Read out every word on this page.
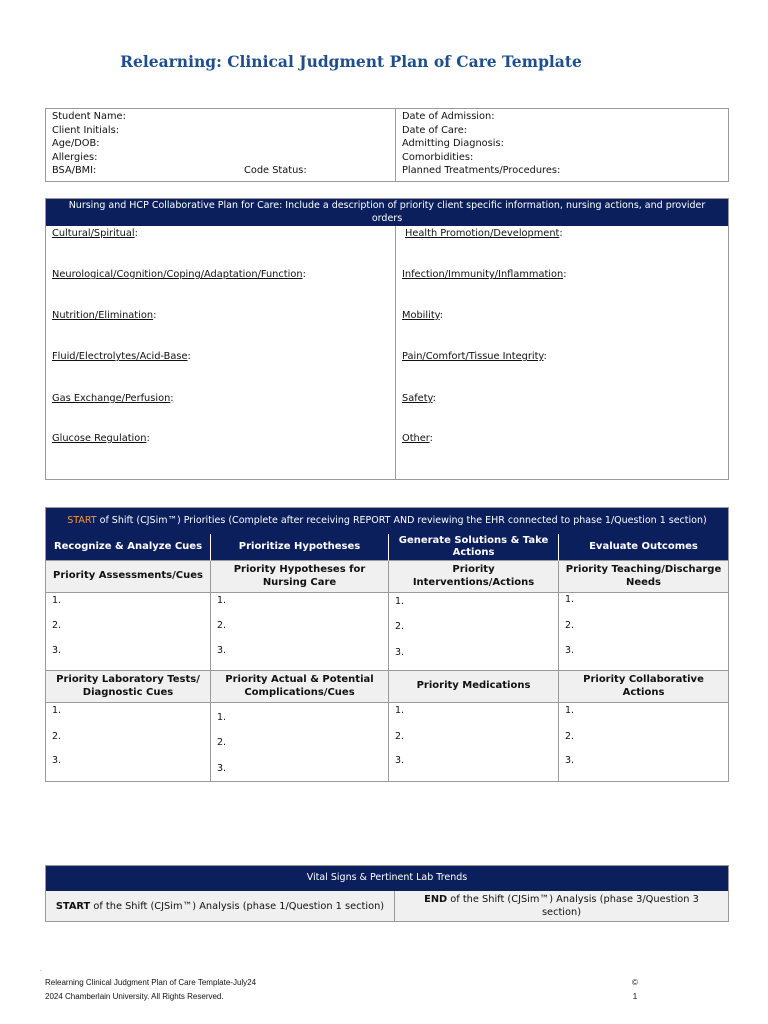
Relearning: Clinical Judgment Plan of Care Template
Student Name:
Client Initials:
Age/DOB:
Allergies:
BSA/BMI:	Code Status:
Date of Admission:
Date of Care:
Admitting Diagnosis:
Comorbidities:
Planned Treatments/Procedures:
Nursing and HCP Collaborative Plan for Care: Include a description of priority client specific information, nursing actions, and provider orders
Cultural/Spiritual:
Neurological/Cognition/Coping/Adaptation/Function:
Nutrition/Elimination:
Fluid/Electrolytes/Acid-Base:
Gas Exchange/Perfusion:
Glucose Regulation:
Health Promotion/Development:
Infection/Immunity/Inflammation:
Mobility:
Pain/Comfort/Tissue Integrity:
Safety:
Other:
START of Shift (CJSim™) Priorities (Complete after receiving REPORT AND reviewing the EHR connected to phase 1/Question 1 section)
Recognize & Analyze Cues	Prioritize Hypotheses
Generate Solutions & Take Actions
Evaluate Outcomes
Priority Assessments/Cues
Priority Hypotheses for Nursing Care
Priority Interventions/Actions
Priority Teaching/Discharge Needs
1.
2.
3.
1.
2.
3.
1.
2.
3.
1.
2.
3.
Priority Laboratory Tests/ Diagnostic Cues
Priority Actual & Potential Complications/Cues
Priority Medications
Priority Collaborative Actions
1.
2.
3.
1.
2.
3.
1.
2.
3.
1.
2.
3.
Vital Signs & Pertinent Lab Trends
START of the Shift (CJSim™) Analysis (phase 1/Question 1 section)
END of the Shift (CJSim™) Analysis (phase 3/Question 3 section)
.
Relearning Clinical Judgment Plan of Care Template-July24
2024 Chamberlain University. All Rights Reserved.
©
1
